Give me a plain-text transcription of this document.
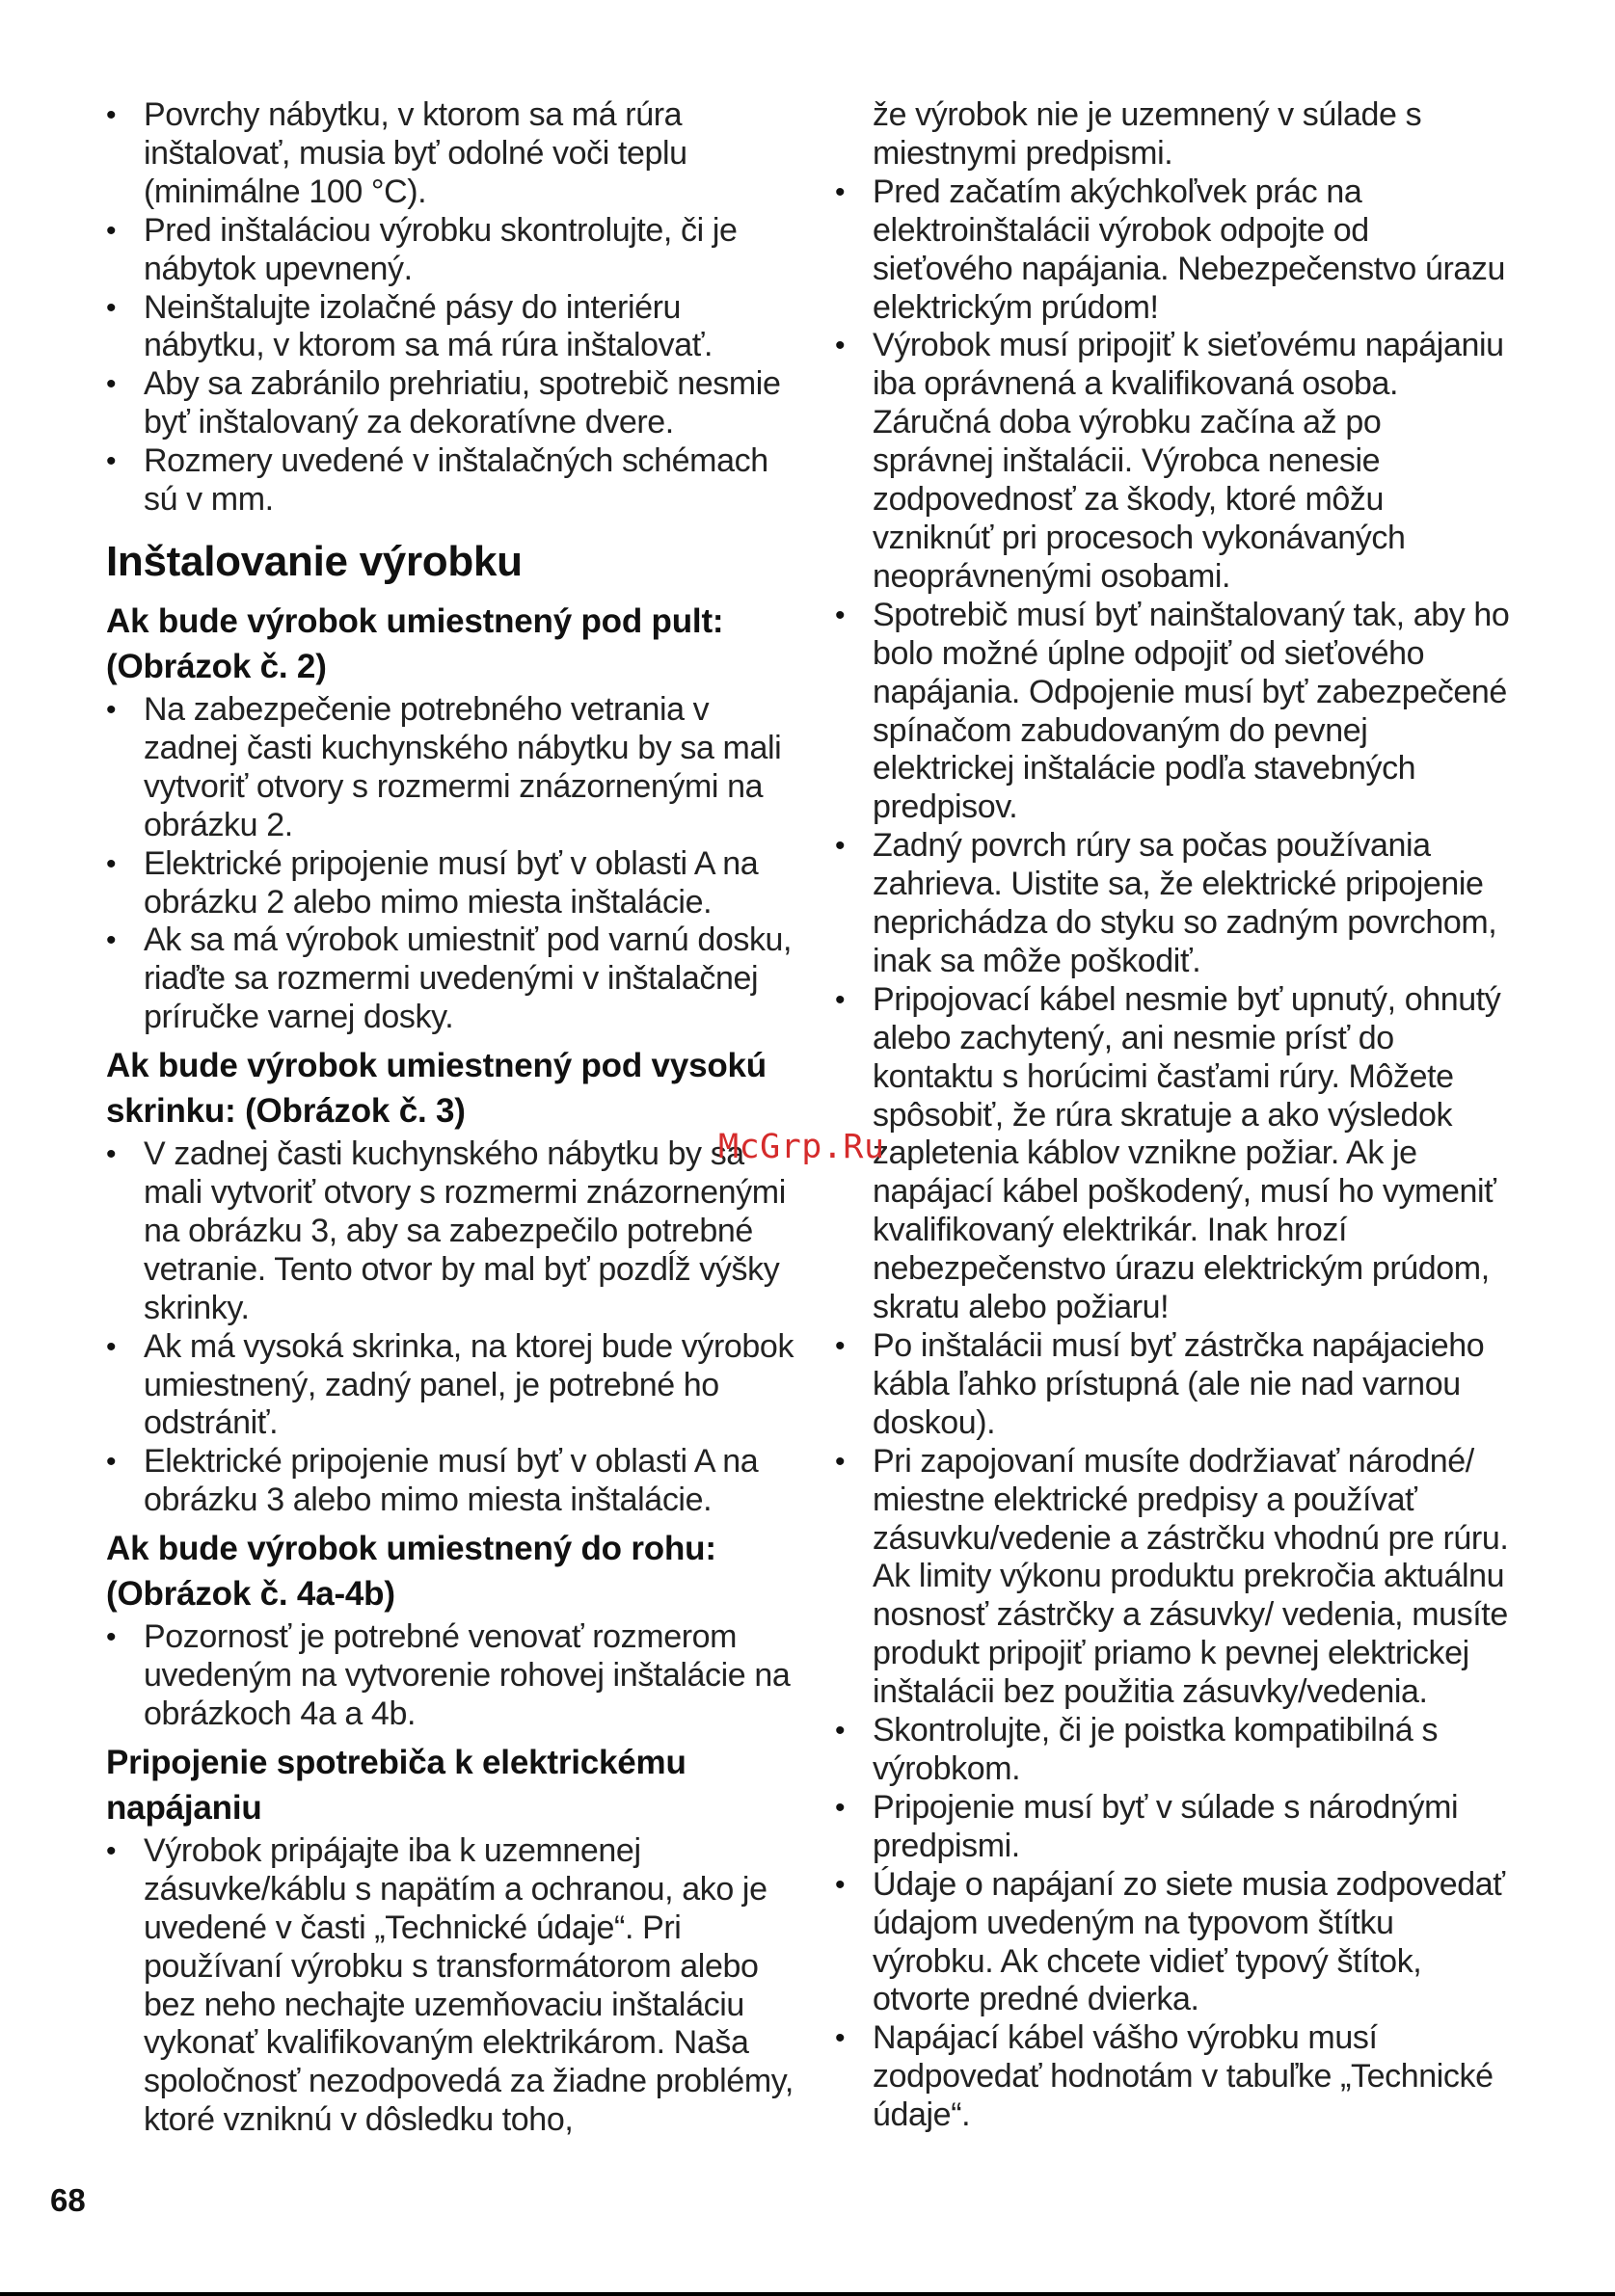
• Povrchy nábytku, v ktorom sa má rúra inštalovať, musia byť odolné voči teplu (minimálne 100 °C).
• Pred inštaláciou výrobku skontrolujte, či je nábytok upevnený.
• Neinštalujte izolačné pásy do interiéru nábytku, v ktorom sa má rúra inštalovať.
• Aby sa zabránilo prehriatiu, spotrebič nesmie byť inštalovaný za dekoratívne dvere.
• Rozmery uvedené v inštalačných schémach sú v mm.
Inštalovanie výrobku
Ak bude výrobok umiestnený pod pult: (Obrázok č. 2)
• Na zabezpečenie potrebného vetrania v zadnej časti kuchynského nábytku by sa mali vytvoriť otvory s rozmermi znázornenými na obrázku 2.
• Elektrické pripojenie musí byť v oblasti A na obrázku 2 alebo mimo miesta inštalácie.
• Ak sa má výrobok umiestniť pod varnú dosku, riaďte sa rozmermi uvedenými v inštalačnej príručke varnej dosky.
Ak bude výrobok umiestnený pod vysokú skrinku: (Obrázok č. 3)
• V zadnej časti kuchynského nábytku by sa mali vytvoriť otvory s rozmermi znázornenými na obrázku 3, aby sa zabezpečilo potrebné vetranie. Tento otvor by mal byť pozdĺž výšky skrinky.
• Ak má vysoká skrinka, na ktorej bude výrobok umiestnený, zadný panel, je potrebné ho odstrániť.
• Elektrické pripojenie musí byť v oblasti A na obrázku 3 alebo mimo miesta inštalácie.
Ak bude výrobok umiestnený do rohu: (Obrázok č. 4a-4b)
• Pozornosť je potrebné venovať rozmerom uvedeným na vytvorenie rohovej inštalácie na obrázkoch 4a a 4b.
Pripojenie spotrebiča k elektrickému napájaniu
• Výrobok pripájajte iba k uzemnenej zásuvke/káblu s napätím a ochranou, ako je uvedené v časti „Technické údaje“. Pri používaní výrobku s transformátorom alebo bez neho nechajte uzemňovaciu inštaláciu vykonať kvalifikovaným elektrikárom. Naša spoločnosť nezodpovedá za žiadne problémy, ktoré vzniknú v dôsledku toho,
že výrobok nie je uzemnený v súlade s miestnymi predpismi.
• Pred začatím akýchkoľvek prác na elektroinštalácii výrobok odpojte od sieťového napájania. Nebezpečenstvo úrazu elektrickým prúdom!
• Výrobok musí pripojiť k sieťovému napájaniu iba oprávnená a kvalifikovaná osoba. Záručná doba výrobku začína až po správnej inštalácii. Výrobca nenesie zodpovednosť za škody, ktoré môžu vzniknúť pri procesoch vykonávaných neoprávnenými osobami.
• Spotrebič musí byť nainštalovaný tak, aby ho bolo možné úplne odpojiť od sieťového napájania. Odpojenie musí byť zabezpečené spínačom zabudovaným do pevnej elektrickej inštalácie podľa stavebných predpisov.
• Zadný povrch rúry sa počas používania zahrieva. Uistite sa, že elektrické pripojenie neprichádza do styku so zadným povrchom, inak sa môže poškodiť.
• Pripojovací kábel nesmie byť upnutý, ohnutý alebo zachytený, ani nesmie prísť do kontaktu s horúcimi časťami rúry. Môžete spôsobiť, že rúra skratuje a ako výsledok zapletenia káblov vznikne požiar. Ak je napájací kábel poškodený, musí ho vymeniť kvalifikovaný elektrikár. Inak hrozí nebezpečenstvo úrazu elektrickým prúdom, skratu alebo požiaru!
• Po inštalácii musí byť zástrčka napájacieho kábla ľahko prístupná (ale nie nad varnou doskou).
• Pri zapojovaní musíte dodržiavať národné/ miestne elektrické predpisy a používať zásuvku/vedenie a zástrčku vhodnú pre rúru. Ak limity výkonu produktu prekročia aktuálnu nosnosť zástrčky a zásuvky/ vedenia, musíte produkt pripojiť priamo k pevnej elektrickej inštalácii bez použitia zásuvky/vedenia.
• Skontrolujte, či je poistka kompatibilná s výrobkom.
• Pripojenie musí byť v súlade s národnými predpismi.
• Údaje o napájaní zo siete musia zodpovedať údajom uvedeným na typovom štítku výrobku. Ak chcete vidieť typový štítok, otvorte predné dvierka.
• Napájací kábel vášho výrobku musí zodpovedať hodnotám v tabuľke „Technické údaje“.
McGrp.Ru
68
